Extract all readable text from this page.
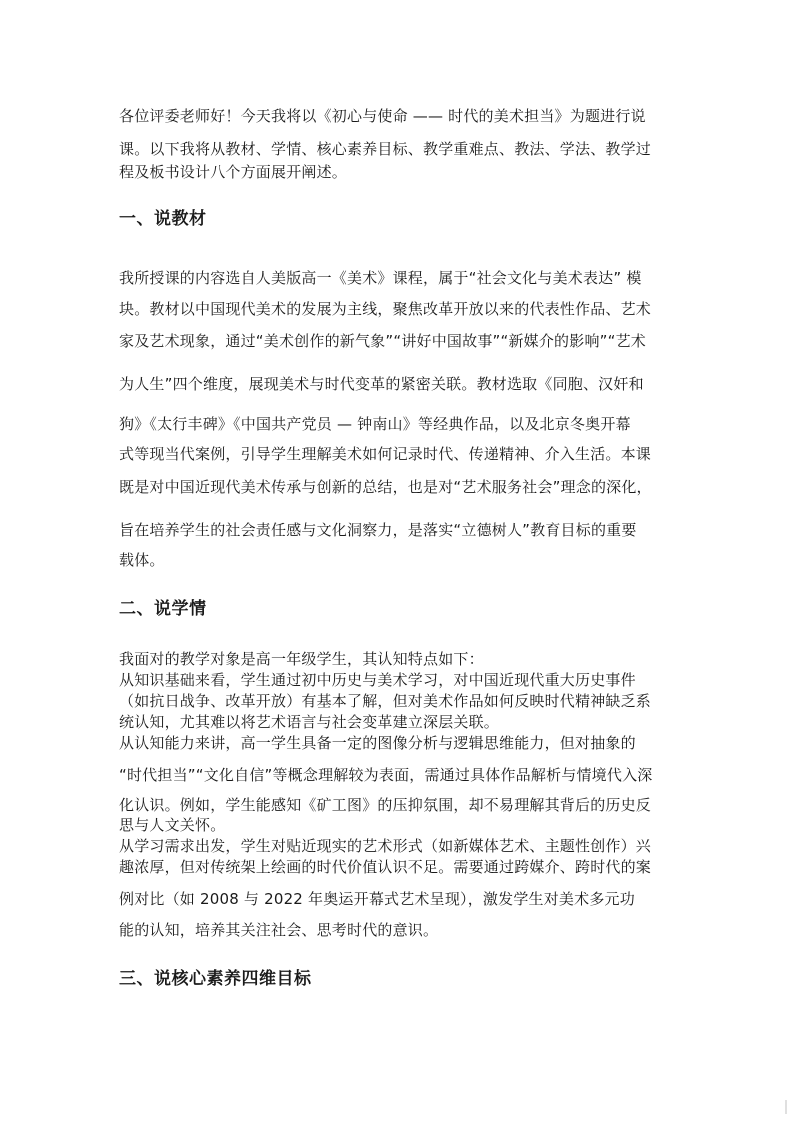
各位评委老师好！今天我将以《初心与使命 —— 时代的美术担当》为题进行说
课。以下我将从教材、学情、核心素养目标、教学重难点、教法、学法、教学过
程及板书设计八个方面展开阐述。
一、说教材
我所授课的内容选自人美版高一《美术》课程，属于“社会文化与美术表达” 模
块。教材以中国现代美术的发展为主线，聚焦改革开放以来的代表性作品、艺术
家及艺术现象，通过“美术创作的新气象”“讲好中国故事”“新媒介的影响”“艺术
为人生”四个维度，展现美术与时代变革的紧密关联。教材选取《同胞、汉奸和
狗》《太行丰碑》《中国共产党员 — 钟南山》等经典作品，以及北京冬奥开幕
式等现当代案例，引导学生理解美术如何记录时代、传递精神、介入生活。本课
既是对中国近现代美术传承与创新的总结，也是对“艺术服务社会”理念的深化，
旨在培养学生的社会责任感与文化洞察力，是落实“立德树人”教育目标的重要
载体。
二、说学情
我面对的教学对象是高一年级学生，其认知特点如下：
从知识基础来看，学生通过初中历史与美术学习，对中国近现代重大历史事件
（如抗日战争、改革开放）有基本了解，但对美术作品如何反映时代精神缺乏系
统认知，尤其难以将艺术语言与社会变革建立深层关联。
从认知能力来讲，高一学生具备一定的图像分析与逻辑思维能力，但对抽象的
“时代担当”“文化自信”等概念理解较为表面，需通过具体作品解析与情境代入深
化认识。例如，学生能感知《矿工图》的压抑氛围，却不易理解其背后的历史反
思与人文关怀。
从学习需求出发，学生对贴近现实的艺术形式（如新媒体艺术、主题性创作）兴
趣浓厚，但对传统架上绘画的时代价值认识不足。需要通过跨媒介、跨时代的案
例对比（如 2008 与 2022 年奥运开幕式艺术呈现），激发学生对美术多元功
能的认知，培养其关注社会、思考时代的意识。
三、说核心素养四维目标
